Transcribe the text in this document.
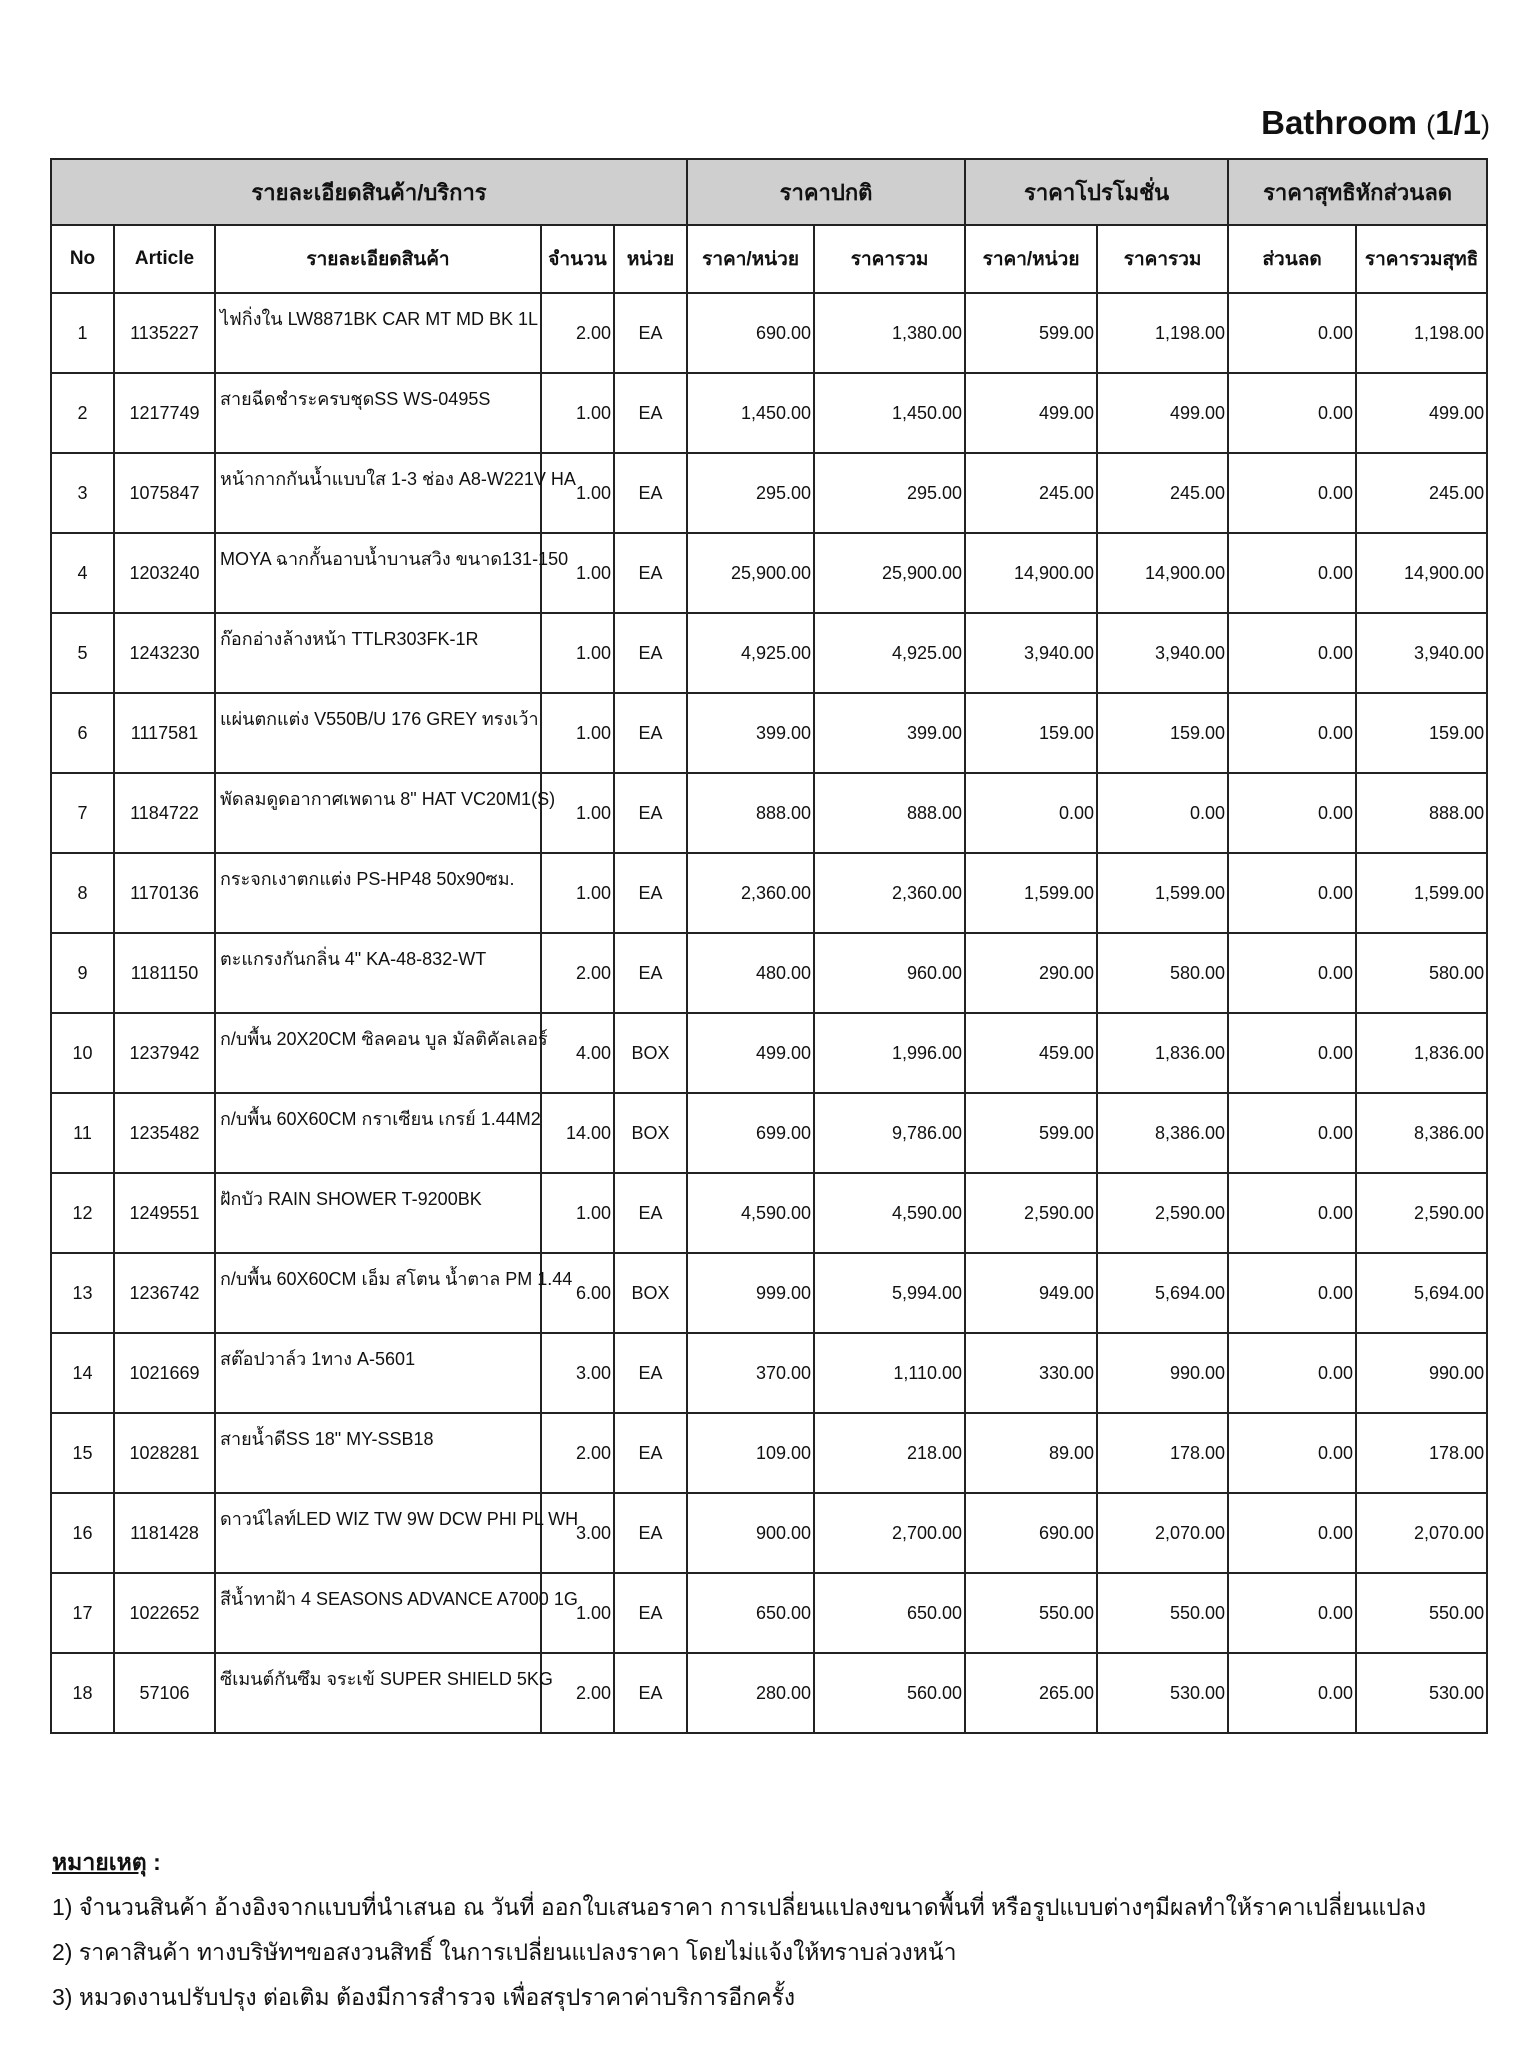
Bathroom (1/1)
รายละเอียดสินค้า/บริการ					ราคาปกติ		ราคาโปรโมชั่น		ราคาสุทธิหักส่วนลด	
No	Article	รายละเอียดสินค้า	จำนวน	หน่วย	ราคา/หน่วย	ราคารวม	ราคา/หน่วย	ราคารวม	ส่วนลด	ราคารวมสุทธิ
1	1135227	ไฟกิ่งใน LW8871BK CAR MT MD BK 1L	2.00	EA	690.00	1,380.00	599.00	1,198.00	0.00	1,198.00
2	1217749	สายฉีดชำระครบชุดSS WS-0495S	1.00	EA	1,450.00	1,450.00	499.00	499.00	0.00	499.00
3	1075847	หน้ากากกันน้ำแบบใส 1-3 ช่อง A8-W221V HA	1.00	EA	295.00	295.00	245.00	245.00	0.00	245.00
4	1203240	MOYA ฉากกั้นอาบน้ำบานสวิง ขนาด131-150	1.00	EA	25,900.00	25,900.00	14,900.00	14,900.00	0.00	14,900.00
5	1243230	ก๊อกอ่างล้างหน้า TTLR303FK-1R	1.00	EA	4,925.00	4,925.00	3,940.00	3,940.00	0.00	3,940.00
6	1117581	แผ่นตกแต่ง V550B/U 176 GREY ทรงเว้า	1.00	EA	399.00	399.00	159.00	159.00	0.00	159.00
7	1184722	พัดลมดูดอากาศเพดาน 8" HAT VC20M1(S)	1.00	EA	888.00	888.00	0.00	0.00	0.00	888.00
8	1170136	กระจกเงาตกแต่ง PS-HP48 50x90ซม.	1.00	EA	2,360.00	2,360.00	1,599.00	1,599.00	0.00	1,599.00
9	1181150	ตะแกรงกันกลิ่น 4" KA-48-832-WT	2.00	EA	480.00	960.00	290.00	580.00	0.00	580.00
10	1237942	ก/บพื้น 20X20CM ซิลคอน บูล มัลติคัลเลอร์	4.00	BOX	499.00	1,996.00	459.00	1,836.00	0.00	1,836.00
11	1235482	ก/บพื้น 60X60CM กราเซียน เกรย์ 1.44M2	14.00	BOX	699.00	9,786.00	599.00	8,386.00	0.00	8,386.00
12	1249551	ฝักบัว RAIN SHOWER T-9200BK	1.00	EA	4,590.00	4,590.00	2,590.00	2,590.00	0.00	2,590.00
13	1236742	ก/บพื้น 60X60CM เอ็ม สโตน น้ำตาล PM 1.44	6.00	BOX	999.00	5,994.00	949.00	5,694.00	0.00	5,694.00
14	1021669	สต๊อปวาล์ว 1ทาง A-5601	3.00	EA	370.00	1,110.00	330.00	990.00	0.00	990.00
15	1028281	สายน้ำดีSS 18" MY-SSB18	2.00	EA	109.00	218.00	89.00	178.00	0.00	178.00
16	1181428	ดาวน์ไลท์LED WIZ TW 9W DCW PHI PL WH	3.00	EA	900.00	2,700.00	690.00	2,070.00	0.00	2,070.00
17	1022652	สีน้ำทาฝ้า 4 SEASONS ADVANCE A7000 1G	1.00	EA	650.00	650.00	550.00	550.00	0.00	550.00
18	57106	ซีเมนต์กันซึม จระเข้ SUPER SHIELD 5KG	2.00	EA	280.00	560.00	265.00	530.00	0.00	530.00

หมายเหตุ :

1) จำนวนสินค้า อ้างอิงจากแบบที่นำเสนอ ณ วันที่ ออกใบเสนอราคา การเปลี่ยนแปลงขนาดพื้นที่ หรือรูปแบบต่างๆมีผลทำให้ราคาเปลี่ยนแปลง

2) ราคาสินค้า ทางบริษัทฯขอสงวนสิทธิ์ ในการเปลี่ยนแปลงราคา โดยไม่แจ้งให้ทราบล่วงหน้า

3) หมวดงานปรับปรุง ต่อเติม ต้องมีการสำรวจ เพื่อสรุปราคาค่าบริการอีกครั้ง
